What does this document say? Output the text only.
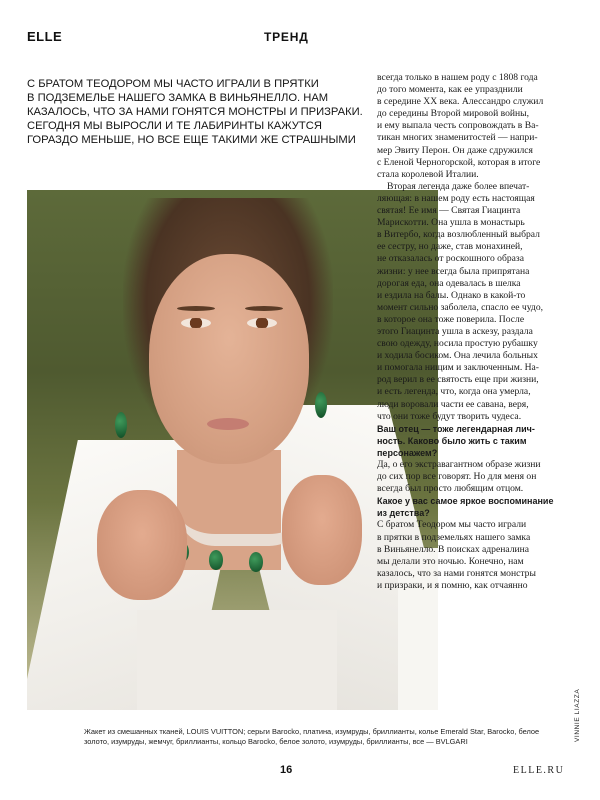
ELLE	ТРЕНД

С БРАТОМ ТЕОДОРОМ МЫ ЧАСТО ИГРАЛИ В ПРЯТКИ
В ПОДЗЕМЕЛЬЕ НАШЕГО ЗАМКА В ВИНЬЯНЕЛЛО. НАМ
КАЗАЛОСЬ, ЧТО ЗА НАМИ ГОНЯТСЯ МОНСТРЫ И ПРИЗРАКИ.
СЕГОДНЯ МЫ ВЫРОСЛИ И ТЕ ЛАБИРИНТЫ КАЖУТСЯ
ГОРАЗДО МЕНЬШЕ, НО ВСЕ ЕЩЕ ТАКИМИ ЖЕ СТРАШНЫМИ

всегда только в нашем роду с 1808 года
до того момента, как ее упразднили
в середине XX века. Алессандро служил
до середины Второй мировой войны,
и ему выпала честь сопровождать в Ва-
тикан многих знаменитостей — напри-
мер Эвиту Перон. Он даже сдружился
с Еленой Черногорской, которая в итоге
стала королевой Италии.
Вторая легенда даже более впечат-
ляющая: в нашем роду есть настоящая
святая! Ее имя — Святая Гиацинта
Марискотти. Она ушла в монастырь
в Витербо, когда возлюбленный выбрал
ее сестру, но даже, став монахиней,
не отказалась от роскошного образа
жизни: у нее всегда была припрятана
дорогая еда, она одевалась в шелка
и ездила на балы. Однако в какой-то
момент сильно заболела, спасло ее чудо,
в которое она тоже поверила. После
этого Гиацинта ушла в аскезу, раздала
свою одежду, носила простую рубашку
и ходила босиком. Она лечила больных
и помогала нищим и заключенным. На-
род верил в ее святость еще при жизни,
и есть легенда, что, когда она умерла,
люди воровали части ее савана, веря,
что они тоже будут творить чудеса.
Ваш отец — тоже легендарная лич-
ность. Каково было жить с таким
персонажем?
Да, о его экстравагантном образе жизни
до сих пор все говорят. Но для меня он
всегда был просто любящим отцом.
Какое у вас самое яркое воспоминание
из детства?
С братом Теодором мы часто играли
в прятки в подземельях нашего замка
в Виньянелло. В поисках адреналина
мы делали это ночью. Конечно, нам
казалось, что за нами гонятся монстры
и призраки, и я помню, как отчаянно
Жакет из смешанных тканей, LOUIS VUITTON; серьги Barocko, платина, изумруды, бриллианты, колье Emerald Star, Barocko, белое
золото, изумруды, жемчуг, бриллианты, кольцо Barocko, белое золото, изумруды, бриллианты, все — BVLGARI	VINNIE LIAZZA
16	ELLE.RU
